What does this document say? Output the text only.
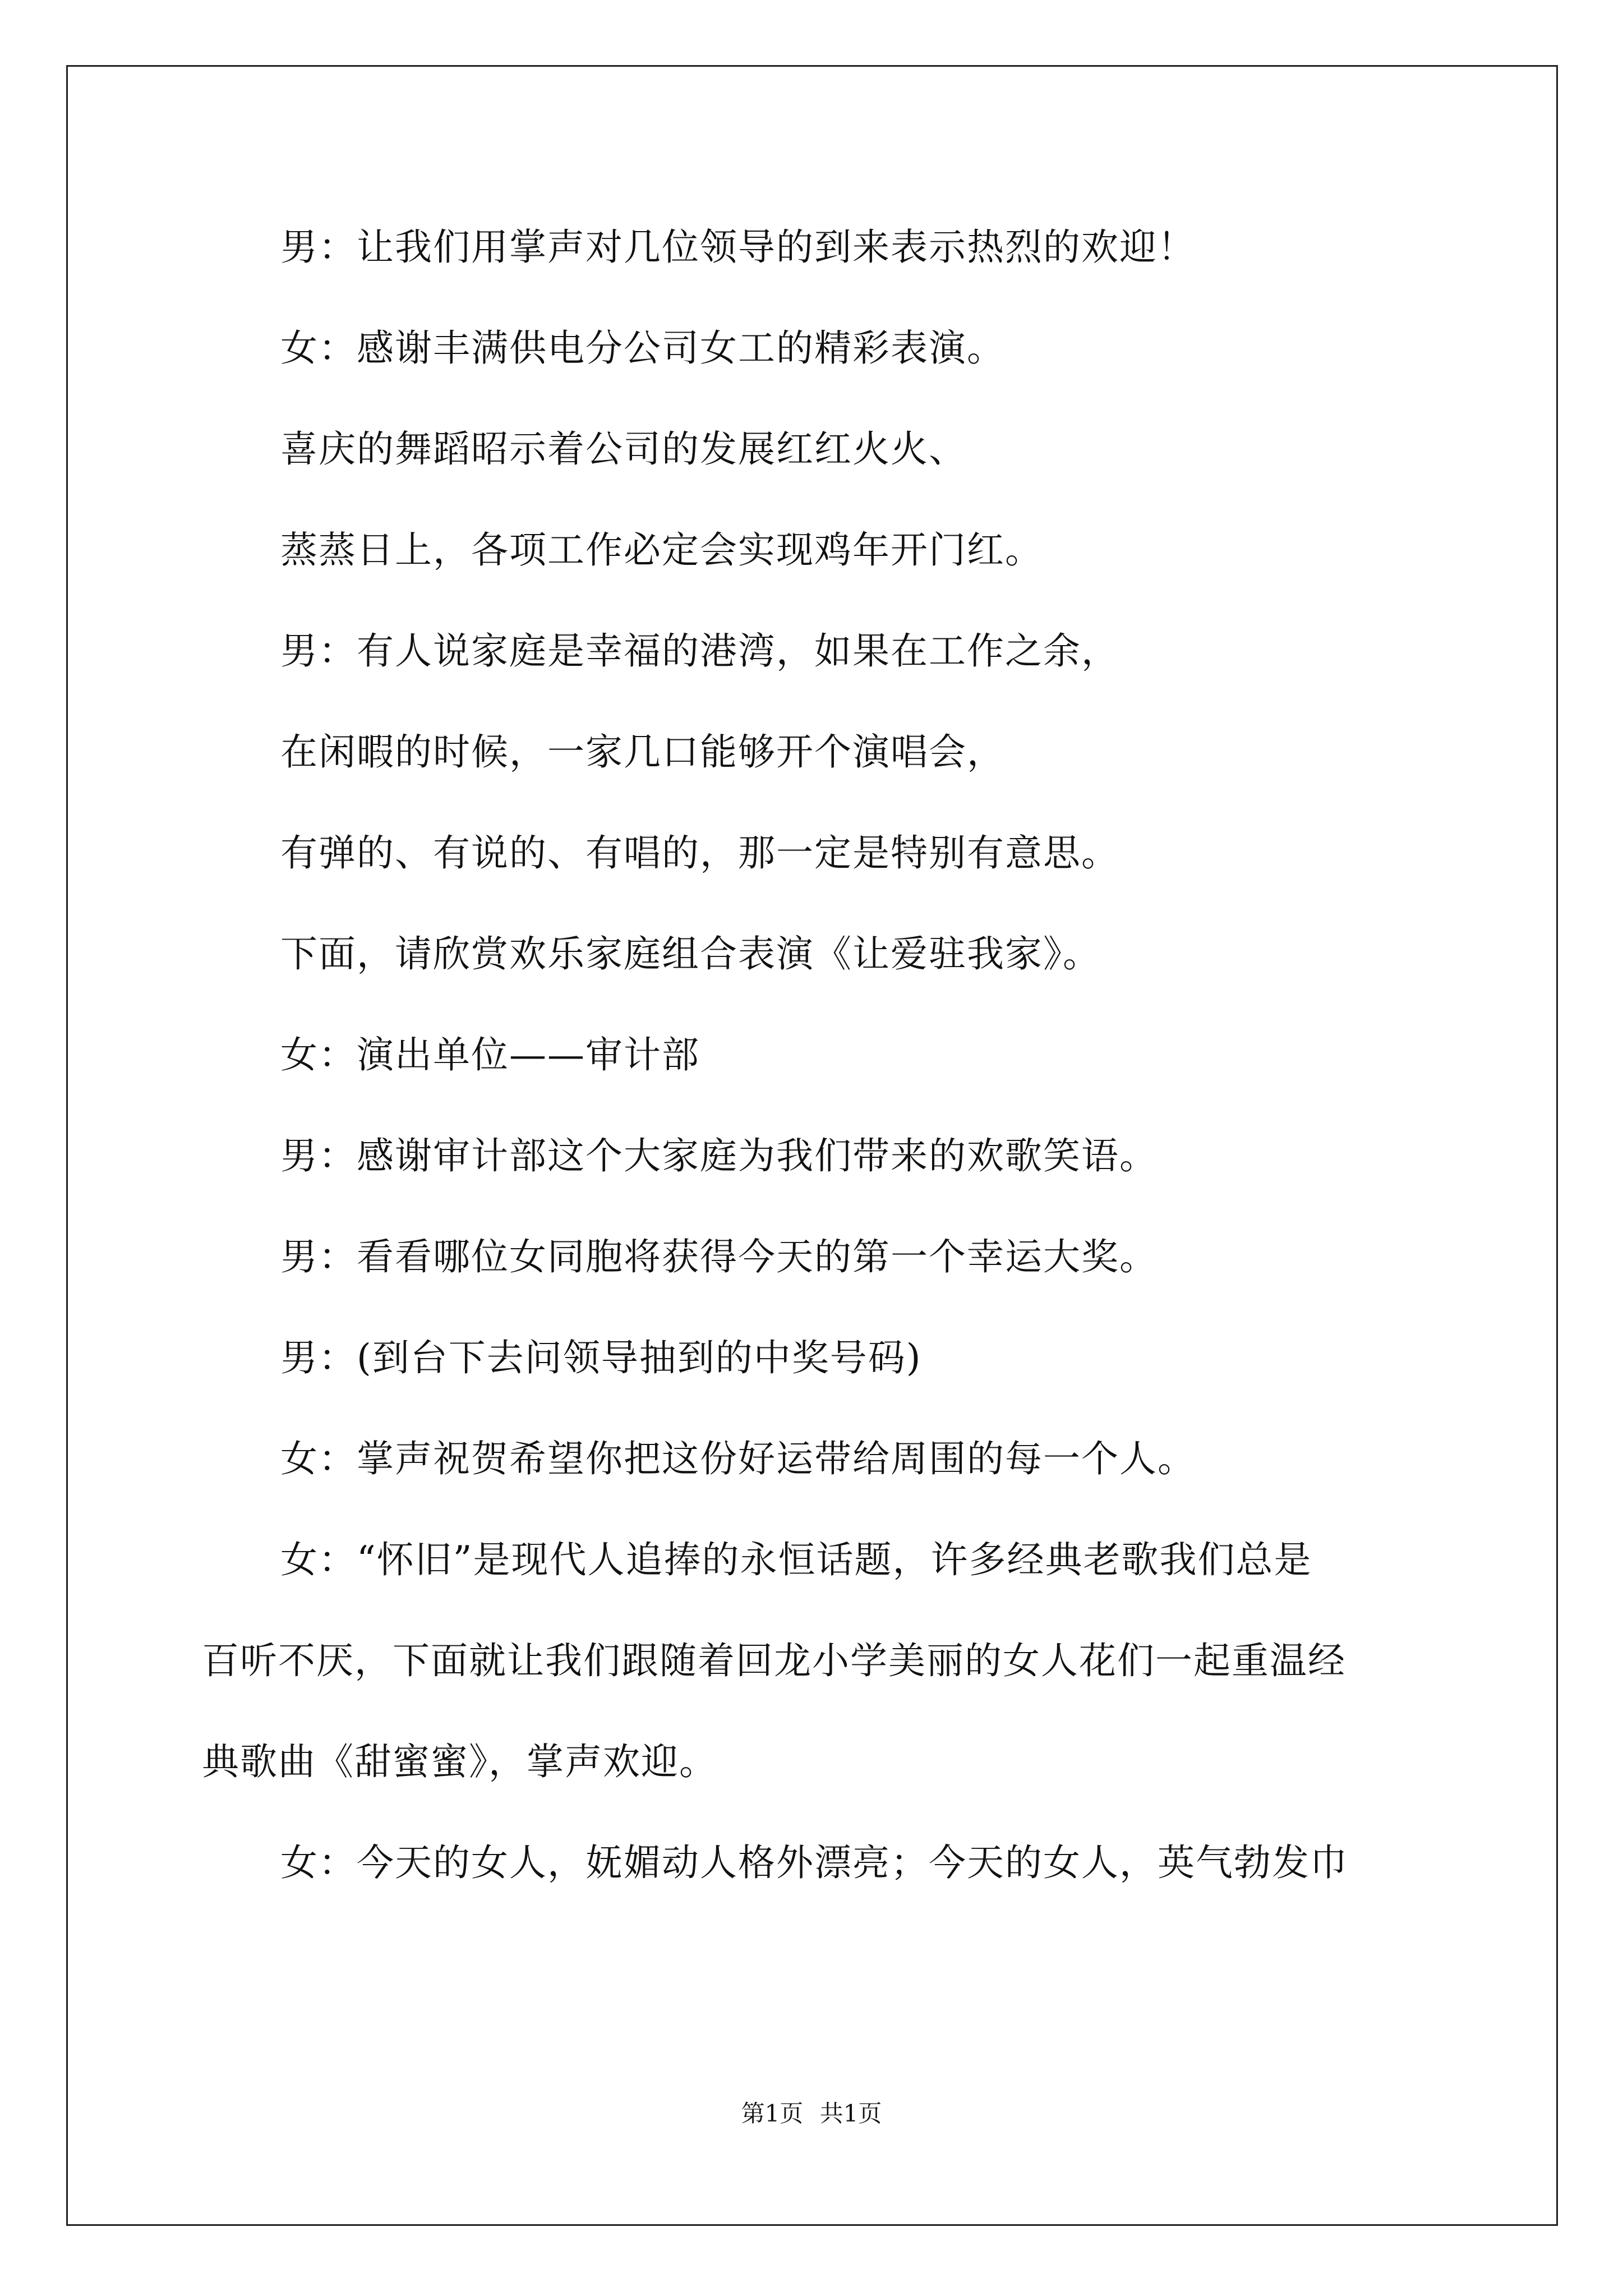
男：让我们用掌声对几位领导的到来表示热烈的欢迎！
女：感谢丰满供电分公司女工的精彩表演。
喜庆的舞蹈昭示着公司的发展红红火火、
蒸蒸日上，各项工作必定会实现鸡年开门红。
男：有人说家庭是幸福的港湾，如果在工作之余，
在闲暇的时候，一家几口能够开个演唱会，
有弹的、有说的、有唱的，那一定是特别有意思。
下面，请欣赏欢乐家庭组合表演《让爱驻我家》。
女：演出单位——审计部
男：感谢审计部这个大家庭为我们带来的欢歌笑语。
男：看看哪位女同胞将获得今天的第一个幸运大奖。
男：(到台下去问领导抽到的中奖号码)
女：掌声祝贺希望你把这份好运带给周围的每一个人。
女：“怀旧”是现代人追捧的永恒话题，许多经典老歌我们总是
百听不厌，下面就让我们跟随着回龙小学美丽的女人花们一起重温经
典歌曲《甜蜜蜜》，掌声欢迎。
女：今天的女人，妩媚动人格外漂亮；今天的女人，英气勃发巾
第1页 共1页
